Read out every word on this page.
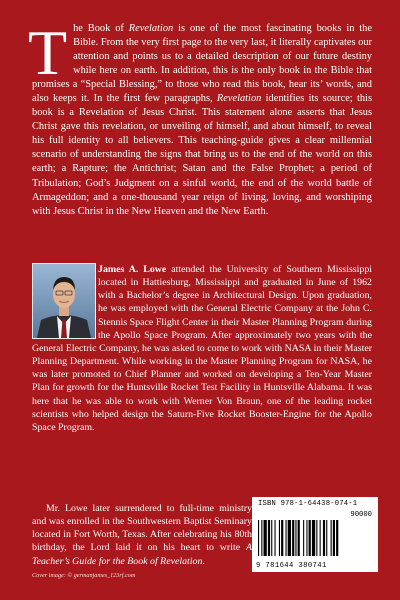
The Book of Revelation is one of the most fascinating books in the Bible. From the very first page to the very last, it literally captivates our attention and points us to a detailed description of our future destiny while here on earth. In addition, this is the only book in the Bible that promises a “Special Blessing,” to those who read this book, hear its’ words, and also keeps it. In the first few paragraphs, Revelation identifies its source; this book is a Revelation of Jesus Christ. This statement alone asserts that Jesus Christ gave this revelation, or unveiling of himself, and about himself, to reveal his full identity to all believers. This teaching-guide gives a clear millennial scenario of understanding the signs that bring us to the end of the world on this earth; a Rapture; the Antichrist; Satan and the False Prophet; a period of Tribulation; God’s Judgment on a sinful world, the end of the world battle of Armageddon; and a one-thousand year reign of living, loving, and worshiping with Jesus Christ in the New Heaven and the New Earth.

James A. Lowe attended the University of Southern Mississippi located in Hattiesburg, Mississippi and graduated in June of 1962 with a Bachelor’s degree in Architectural Design. Upon graduation, he was employed with the General Electric Company at the John C. Stennis Space Flight Center in their Master Planning Program during the Apollo Space Program. After approximately two years with the General Electric Company, he was asked to come to work with NASA in their Master Planning Department. While working in the Master Planning Program for NASA, he was later promoted to Chief Planner and worked on developing a Ten-Year Master Plan for growth for the Huntsville Rocket Test Facility in Huntsville Alabama. It was here that he was able to work with Werner Von Braun, one of the leading rocket scientists who helped design the Saturn-Five Rocket Booster-Engine for the Apollo Space Program.

Mr. Lowe later surrendered to full-time ministry and was enrolled in the Southwestern Baptist Seminary located in Fort Worth, Texas. After celebrating his 80th birthday, the Lord laid it on his heart to write A Teacher’s Guide for the Book of Revelation.

ISBN 978-1-64438-074-1
90000
9 781644 380741

Cover image: © germanjames_123rf.com
